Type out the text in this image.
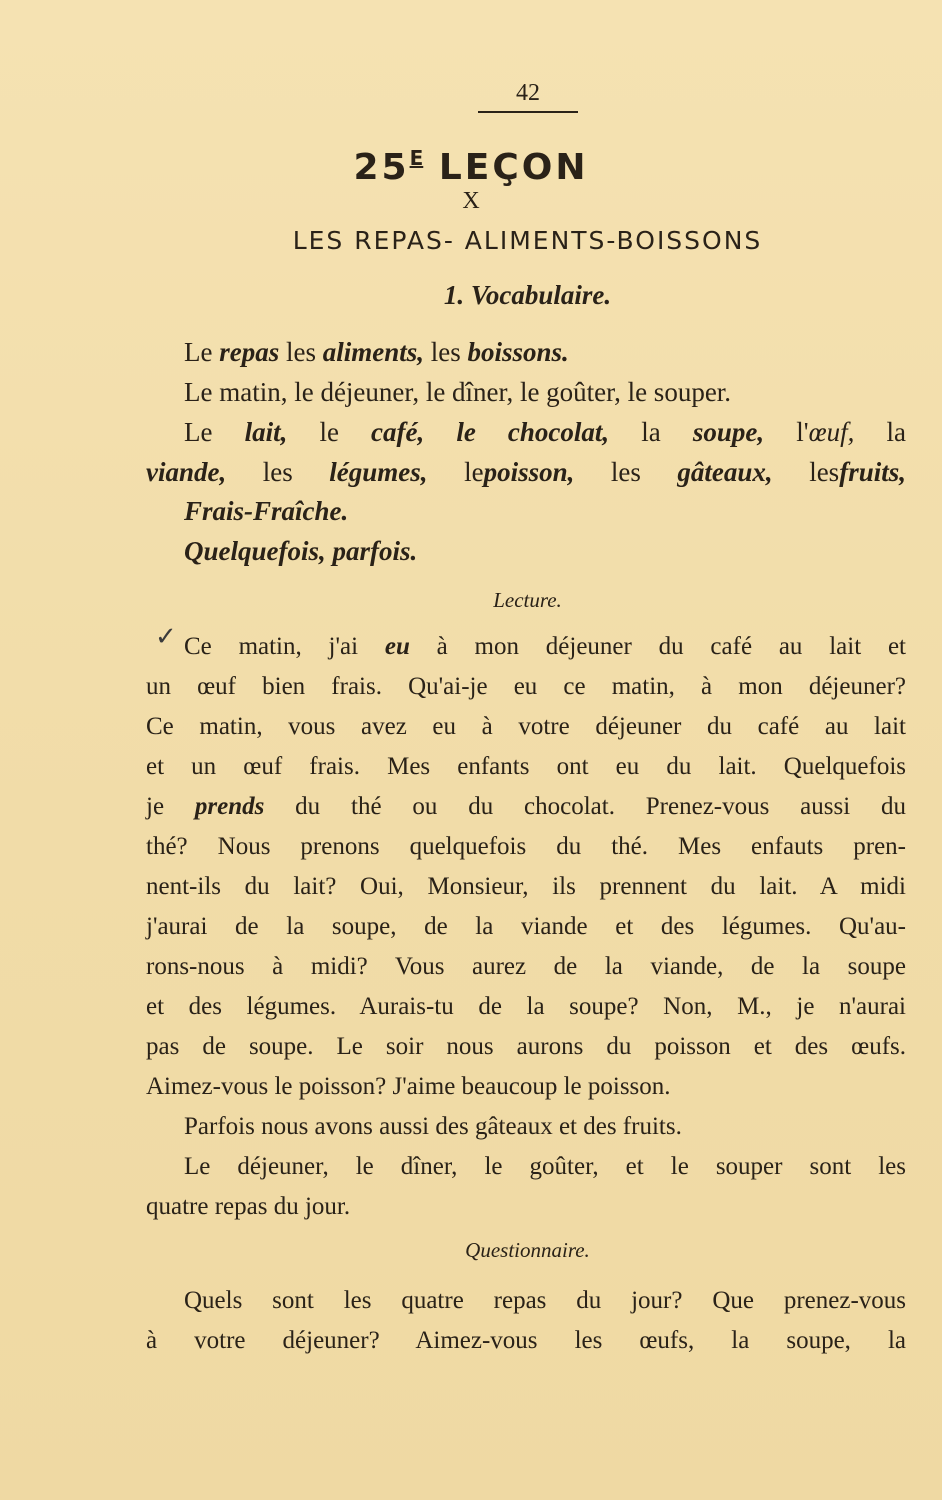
42
$25^E$ LEÇON
X
LES REPAS- ALIMENTS-BOISSONS
1. Vocabulaire.
Le repas les aliments, les boissons.
Le matin, le déjeuner, le dîner, le goûter, le souper.
Le lait, le café, le chocolat, la soupe, l'œuf, la
viande, les légumes, lepoisson, les gâteaux, lesfruits,
Frais-Fraîche.
Quelquefois, parfois.
Lecture.
✓ Ce matin, j'ai eu à mon déjeuner du café au lait et
un œuf bien frais. Qu'ai-je eu ce matin, à mon déjeuner?
Ce matin, vous avez eu à votre déjeuner du café au lait
et un œuf frais. Mes enfants ont eu du lait. Quelquefois
je prends du thé ou du chocolat. Prenez-vous aussi du
thé? Nous prenons quelquefois du thé. Mes enfauts pren-
nent-ils du lait? Oui, Monsieur, ils prennent du lait. A midi
j'aurai de la soupe, de la viande et des légumes. Qu'au-
rons-nous à midi? Vous aurez de la viande, de la soupe
et des légumes. Aurais-tu de la soupe? Non, M., je n'aurai
pas de soupe. Le soir nous aurons du poisson et des œufs.
Aimez-vous le poisson? J'aime beaucoup le poisson.
Parfois nous avons aussi des gâteaux et des fruits.
Le déjeuner, le dîner, le goûter, et le souper sont les
quatre repas du jour.
Questionnaire.
Quels sont les quatre repas du jour? Que prenez-vous
à votre déjeuner? Aimez-vous les œufs, la soupe, la
